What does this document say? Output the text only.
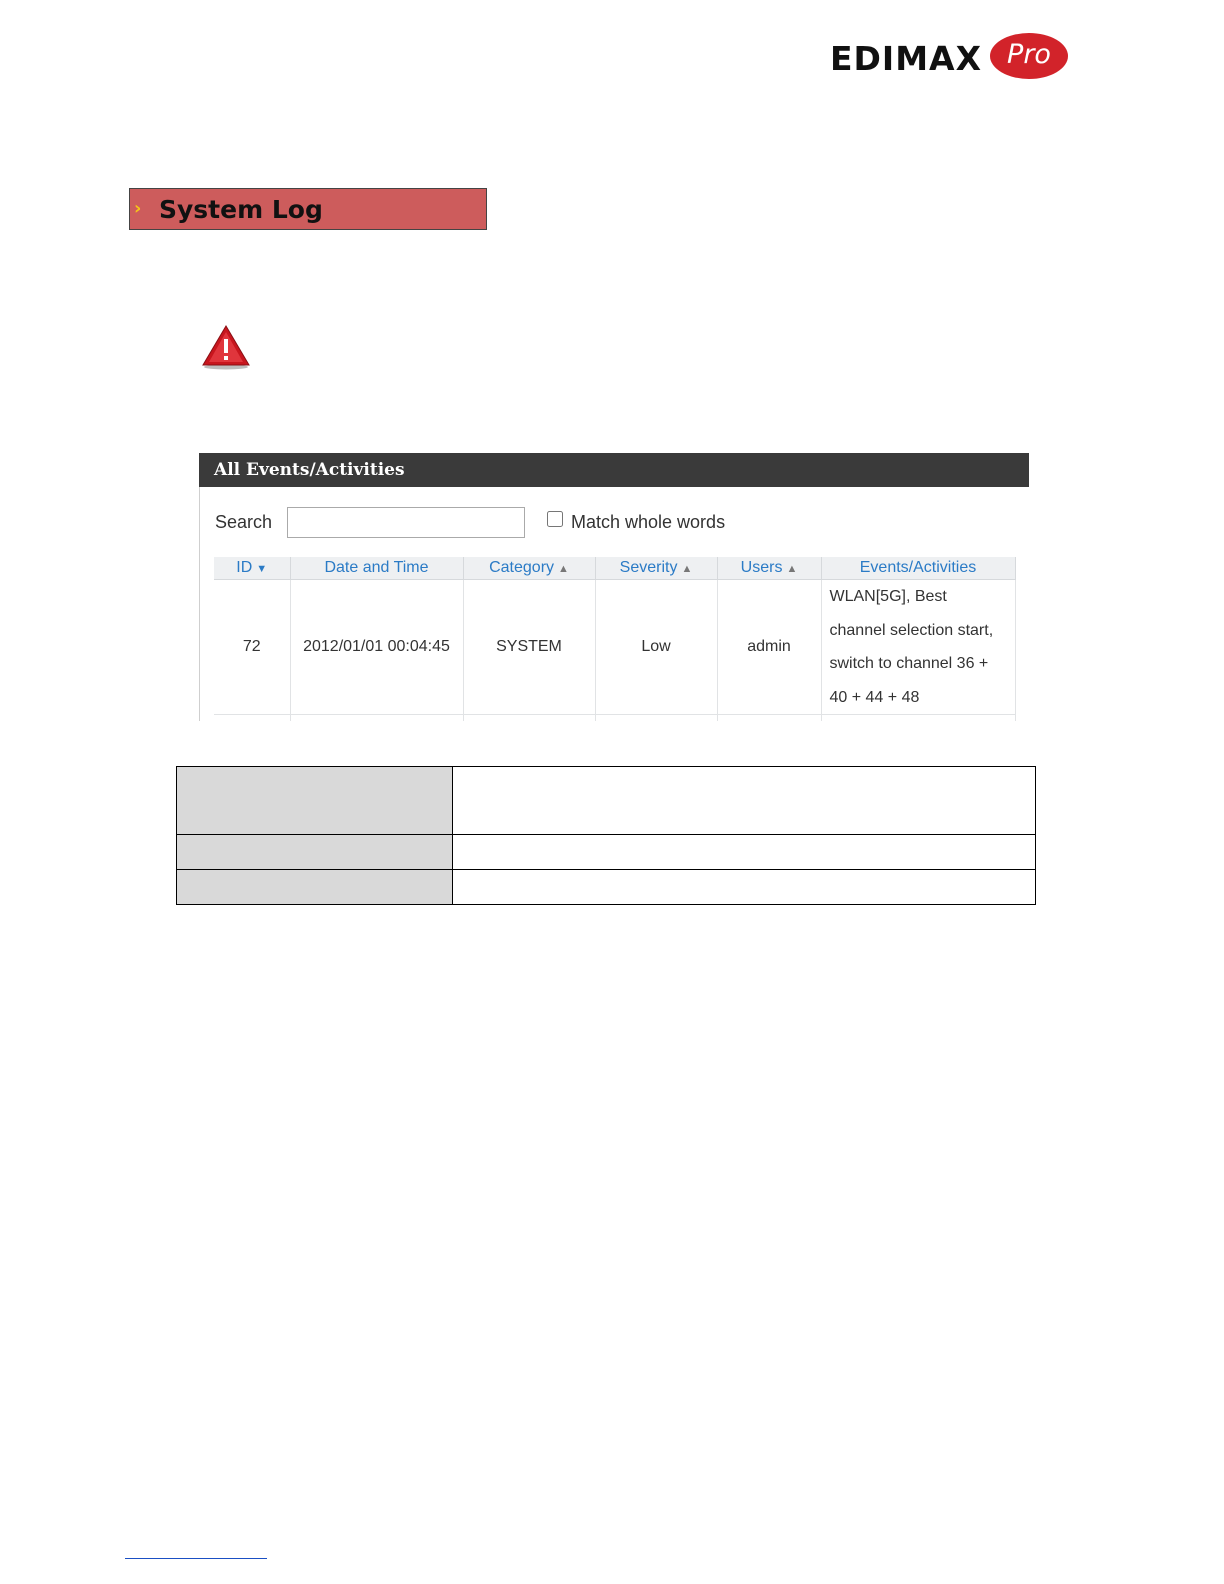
EDIMAX Pro
› System Log
All Events/Activities
Search	Match whole words
ID ▼	Date and Time	Category ▲	Severity ▲	Users ▲	Events/Activities
72	2012/01/01 00:04:45	SYSTEM	Low	admin	WLAN[5G], Best
channel selection start,
switch to channel 36 +
40 + 44 + 48
